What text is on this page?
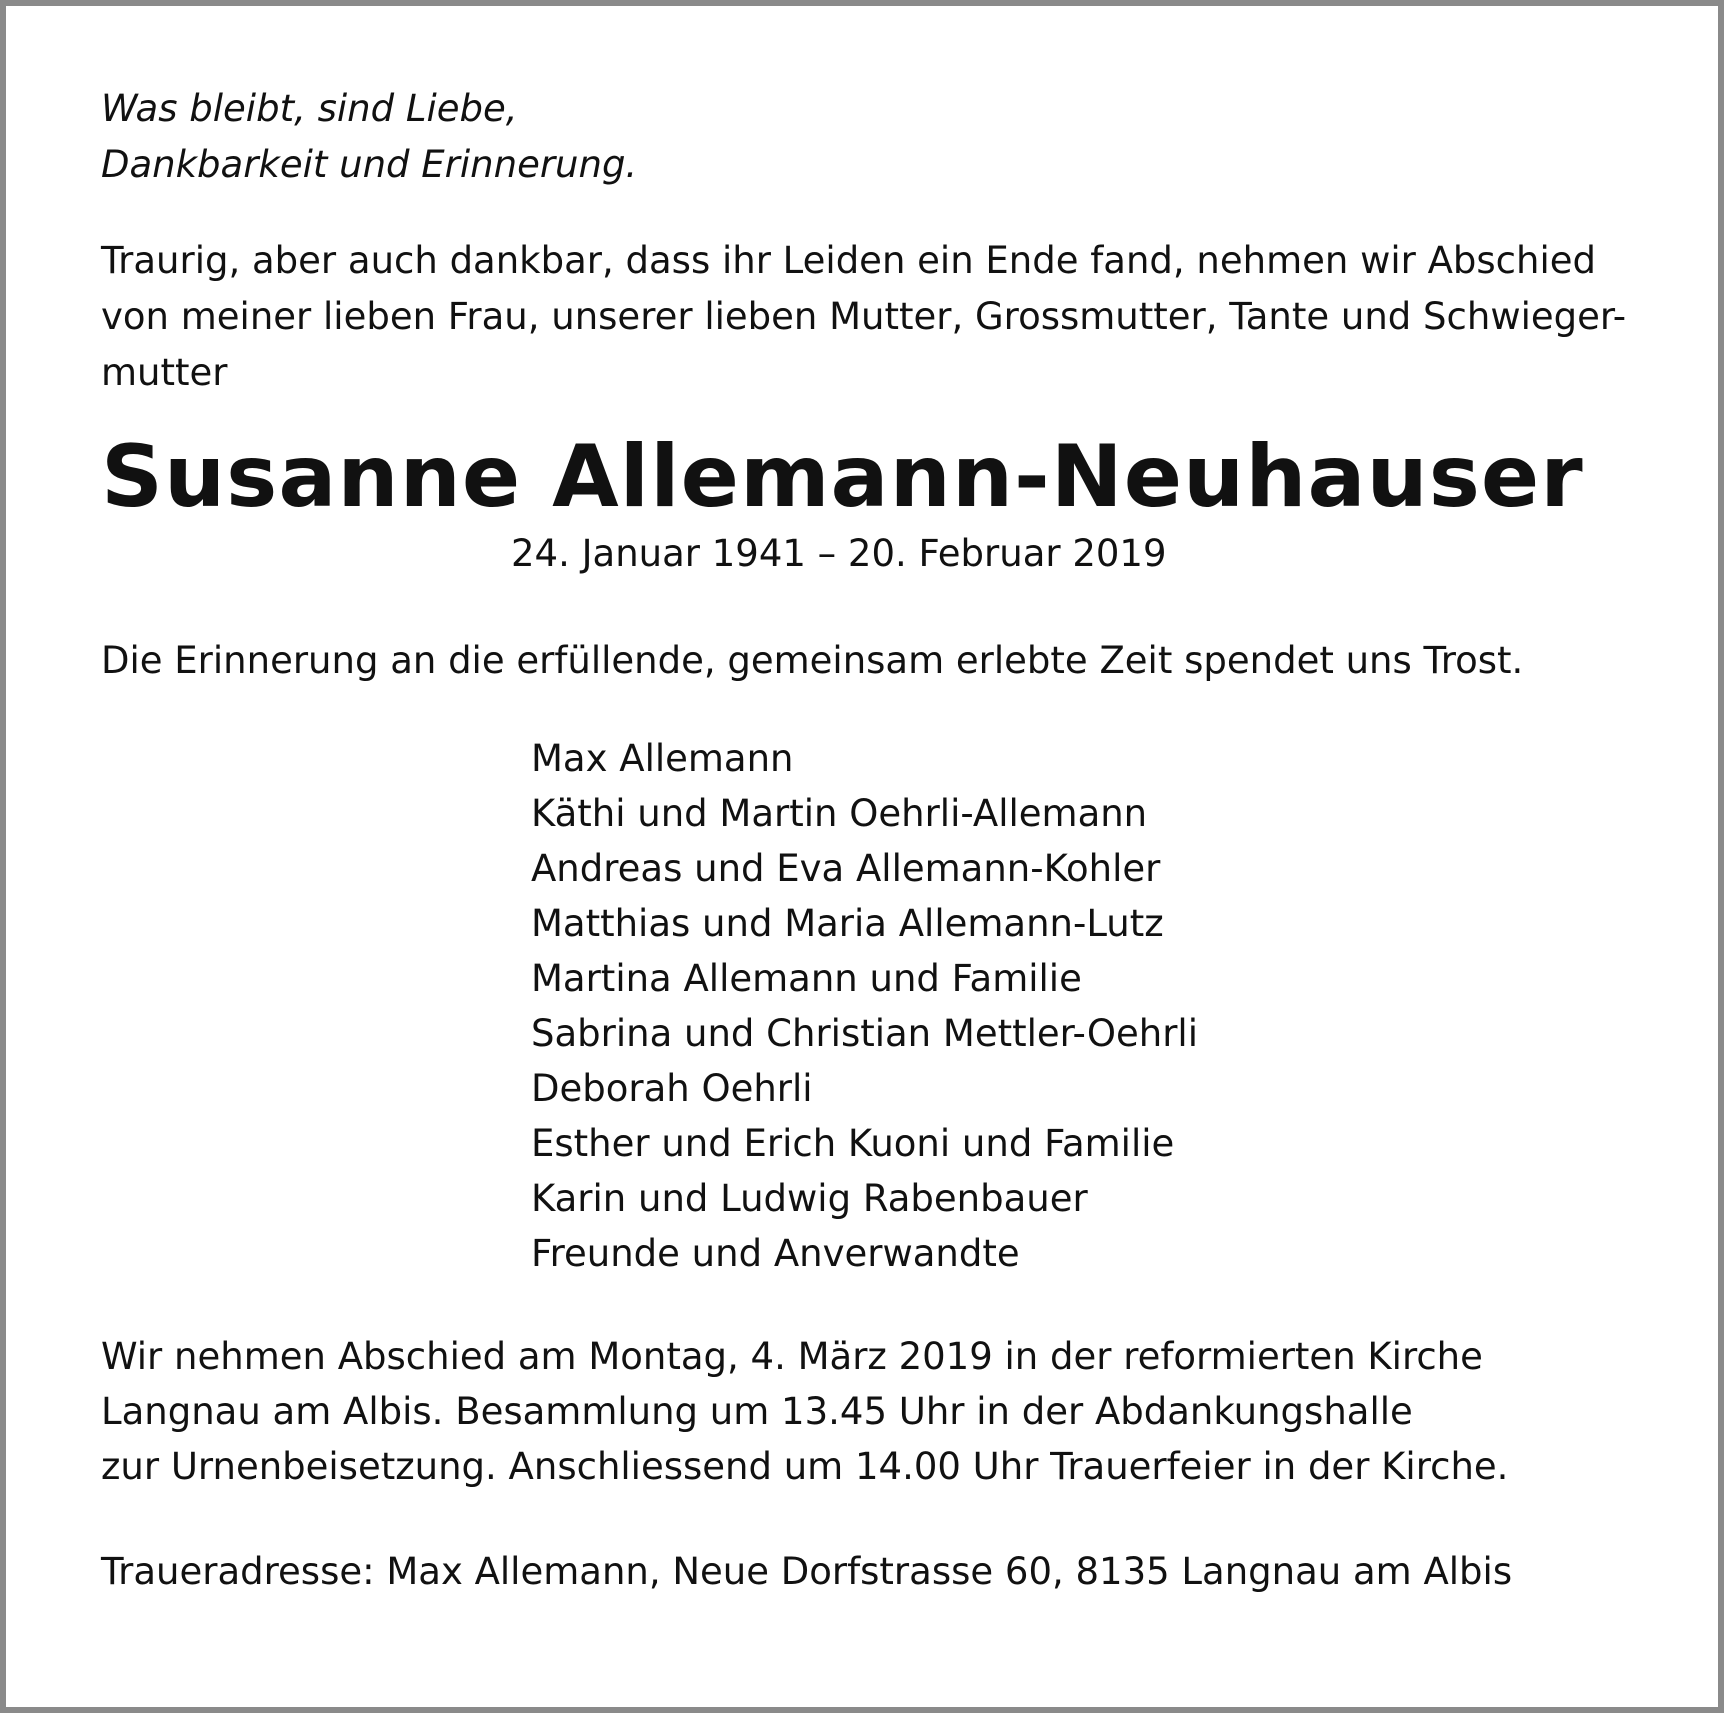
Was bleibt, sind Liebe,
Dankbarkeit und Erinnerung.

Traurig, aber auch dankbar, dass ihr Leiden ein Ende fand, nehmen wir Abschied
von meiner lieben Frau, unserer lieben Mutter, Grossmutter, Tante und Schwieger-
mutter

Susanne Allemann-Neuhauser

24. Januar 1941 – 20. Februar 2019

Die Erinnerung an die erfüllende, gemeinsam erlebte Zeit spendet uns Trost.

Max Allemann
Käthi und Martin Oehrli-Allemann
Andreas und Eva Allemann-Kohler
Matthias und Maria Allemann-Lutz
Martina Allemann und Familie
Sabrina und Christian Mettler-Oehrli
Deborah Oehrli
Esther und Erich Kuoni und Familie
Karin und Ludwig Rabenbauer
Freunde und Anverwandte

Wir nehmen Abschied am Montag, 4. März 2019 in der reformierten Kirche
Langnau am Albis. Besammlung um 13.45 Uhr in der Abdankungshalle
zur Urnenbeisetzung. Anschliessend um 14.00 Uhr Trauerfeier in der Kirche.

Traueradresse: Max Allemann, Neue Dorfstrasse 60, 8135 Langnau am Albis
